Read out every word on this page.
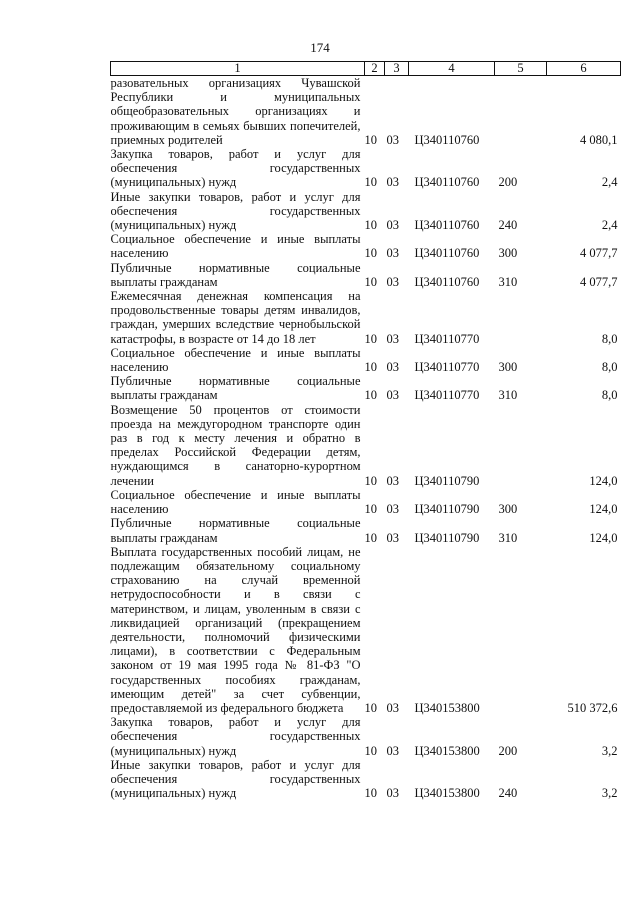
174
1	2	3	4	5	6
разовательных организациях Чувашской Республики и муниципальных общеобразовательных организациях и проживающим в семьях бывших попечителей, приемных родителей	10	03	Ц340110760		4 080,1
Закупка товаров, работ и услуг для обеспечения государственных (муниципальных) нужд	10	03	Ц340110760	200	2,4
Иные закупки товаров, работ и услуг для обеспечения государственных (муниципальных) нужд	10	03	Ц340110760	240	2,4
Социальное обеспечение и иные выплаты населению	10	03	Ц340110760	300	4 077,7
Публичные нормативные социальные выплаты гражданам	10	03	Ц340110760	310	4 077,7
Ежемесячная денежная компенсация на продовольственные товары детям инвалидов, граждан, умерших вследствие чернобыльской катастрофы, в возрасте от 14 до 18 лет	10	03	Ц340110770		8,0
Социальное обеспечение и иные выплаты населению	10	03	Ц340110770	300	8,0
Публичные нормативные социальные выплаты гражданам	10	03	Ц340110770	310	8,0
Возмещение 50 процентов от стоимости проезда на междугородном транспорте один раз в год к месту лечения и обратно в пределах Российской Федерации детям, нуждающимся в санаторно-курортном лечении	10	03	Ц340110790		124,0
Социальное обеспечение и иные выплаты населению	10	03	Ц340110790	300	124,0
Публичные нормативные социальные выплаты гражданам	10	03	Ц340110790	310	124,0
Выплата государственных пособий лицам, не подлежащим обязательному социальному страхованию на случай временной нетрудоспособности и в связи с материнством, и лицам, уволенным в связи с ликвидацией организаций (прекращением деятельности, полномочий физическими лицами), в соответствии с Федеральным законом от 19 мая 1995 года № 81-ФЗ "О государственных пособиях гражданам, имеющим детей" за счет субвенции, предоставляемой из федерального бюджета	10	03	Ц340153800		510 372,6
Закупка товаров, работ и услуг для обеспечения государственных (муниципальных) нужд	10	03	Ц340153800	200	3,2
Иные закупки товаров, работ и услуг для обеспечения государственных (муниципальных) нужд	10	03	Ц340153800	240	3,2
